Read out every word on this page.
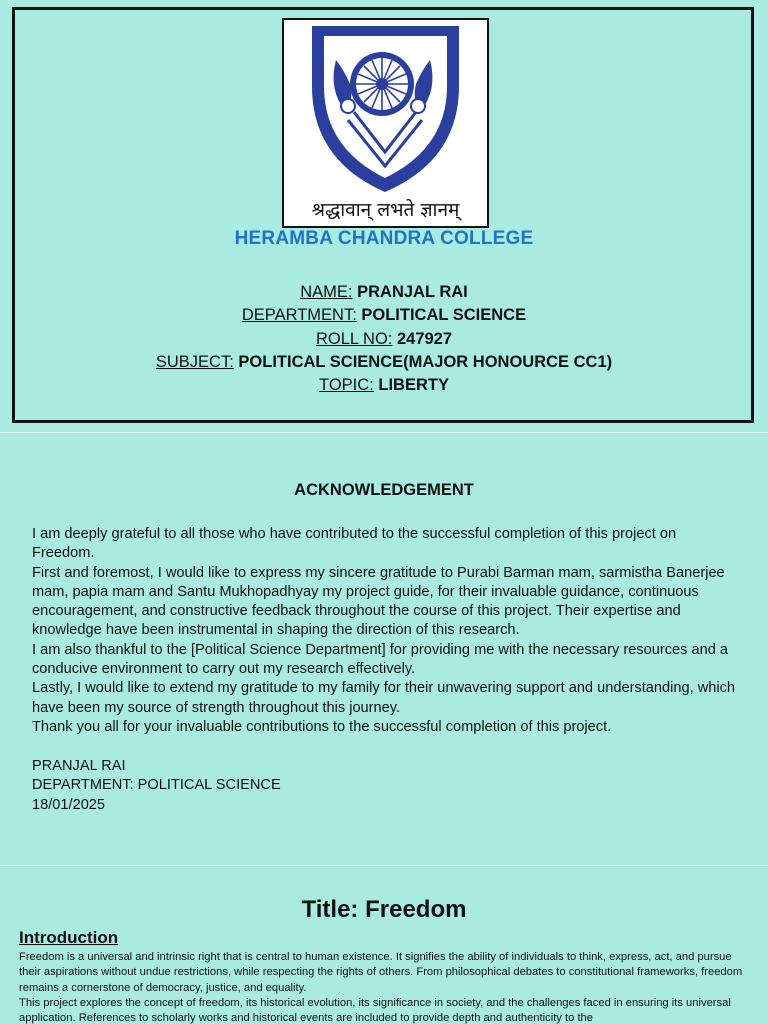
श्रद्धावान् लभते ज्ञानम्
HERAMBA CHANDRA COLLEGE
NAME: PRANJAL RAI
DEPARTMENT: POLITICAL SCIENCE
ROLL NO: 247927
SUBJECT: POLITICAL SCIENCE(MAJOR HONOURCE CC1)
TOPIC: LIBERTY
ACKNOWLEDGEMENT

I am deeply grateful to all those who have contributed to the successful completion of this project on Freedom.

First and foremost, I would like to express my sincere gratitude to Purabi Barman mam, sarmistha Banerjee mam, papia mam and Santu Mukhopadhyay my project guide, for their invaluable guidance, continuous encouragement, and constructive feedback throughout the course of this project. Their expertise and knowledge have been instrumental in shaping the direction of this research.

I am also thankful to the [Political Science Department] for providing me with the necessary resources and a conducive environment to carry out my research effectively.

Lastly, I would like to extend my gratitude to my family for their unwavering support and understanding, which have been my source of strength throughout this journey.

Thank you all for your invaluable contributions to the successful completion of this project.

PRANJAL RAI
DEPARTMENT: POLITICAL SCIENCE
18/01/2025
Title: Freedom
Introduction

Freedom is a universal and intrinsic right that is central to human existence. It signifies the ability of individuals to think, express, act, and pursue their aspirations without undue restrictions, while respecting the rights of others. From philosophical debates to constitutional frameworks, freedom remains a cornerstone of democracy, justice, and equality.

This project explores the concept of freedom, its historical evolution, its significance in society, and the challenges faced in ensuring its universal application. References to scholarly works and historical events are included to provide depth and authenticity to the
